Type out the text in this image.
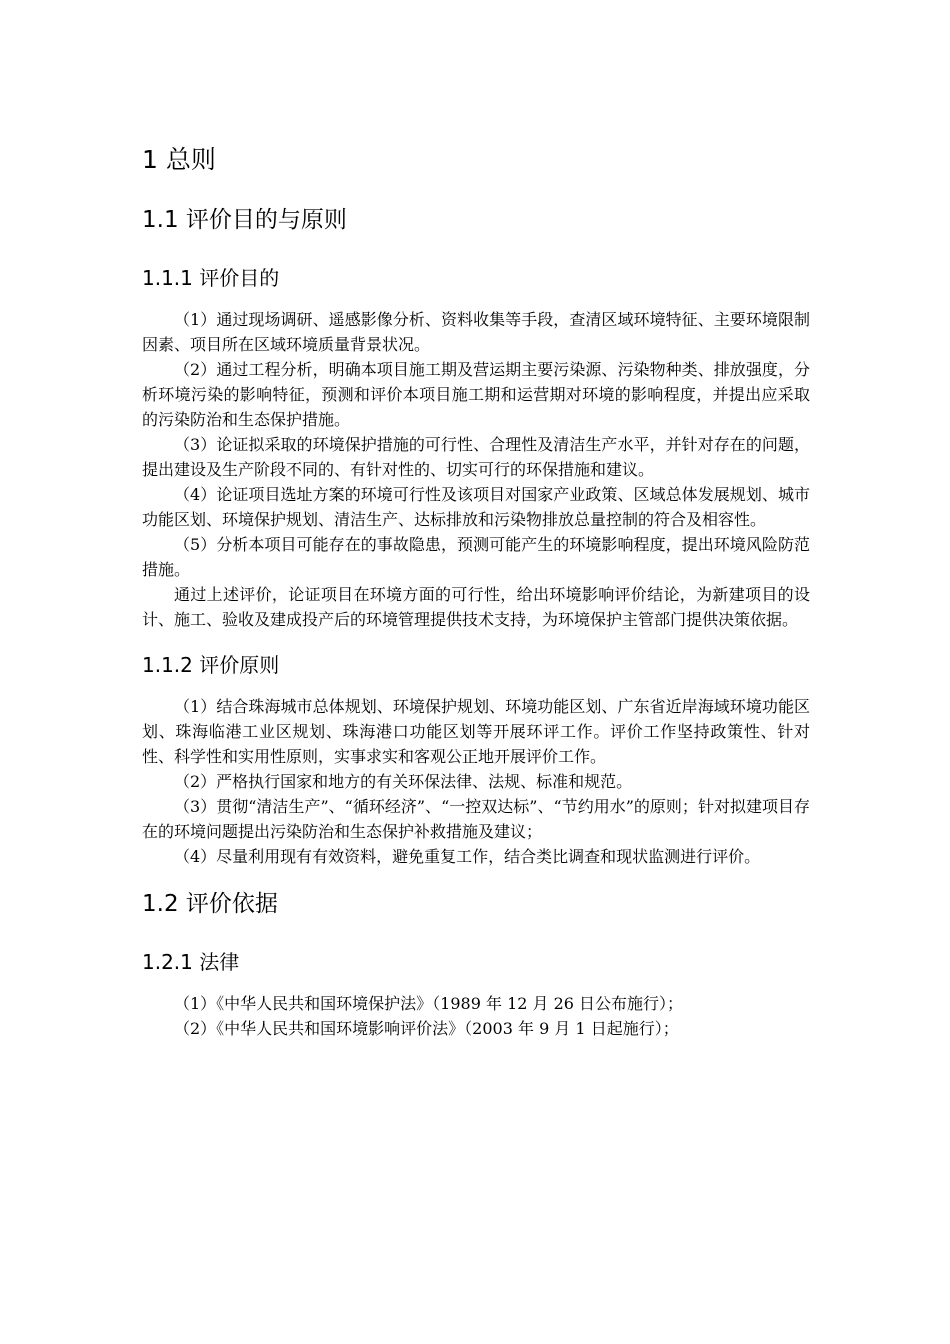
1 总则
1.1 评价目的与原则
1.1.1 评价目的

（1）通过现场调研、遥感影像分析、资料收集等手段，查清区域环境特征、主要环境限制因素、项目所在区域环境质量背景状况。

（2）通过工程分析，明确本项目施工期及营运期主要污染源、污染物种类、排放强度，分析环境污染的影响特征，预测和评价本项目施工期和运营期对环境的影响程度，并提出应采取的污染防治和生态保护措施。

（3）论证拟采取的环境保护措施的可行性、合理性及清洁生产水平，并针对存在的问题，提出建设及生产阶段不同的、有针对性的、切实可行的环保措施和建议。

（4）论证项目选址方案的环境可行性及该项目对国家产业政策、区域总体发展规划、城市功能区划、环境保护规划、清洁生产、达标排放和污染物排放总量控制的符合及相容性。

（5）分析本项目可能存在的事故隐患，预测可能产生的环境影响程度，提出环境风险防范措施。

通过上述评价，论证项目在环境方面的可行性，给出环境影响评价结论，为新建项目的设计、施工、验收及建成投产后的环境管理提供技术支持，为环境保护主管部门提供决策依据。

1.1.2 评价原则

（1）结合珠海城市总体规划、环境保护规划、环境功能区划、广东省近岸海域环境功能区划、珠海临港工业区规划、珠海港口功能区划等开展环评工作。评价工作坚持政策性、针对性、科学性和实用性原则，实事求实和客观公正地开展评价工作。

（2）严格执行国家和地方的有关环保法律、法规、标准和规范。

（3）贯彻“清洁生产”、“循环经济”、“一控双达标”、“节约用水”的原则；针对拟建项目存在的环境问题提出污染防治和生态保护补救措施及建议；

（4）尽量利用现有有效资料，避免重复工作，结合类比调查和现状监测进行评价。

1.2 评价依据
1.2.1 法律

（1）《中华人民共和国环境保护法》（1989 年 12 月 26 日公布施行）；

（2）《中华人民共和国环境影响评价法》（2003 年 9 月 1 日起施行）；
